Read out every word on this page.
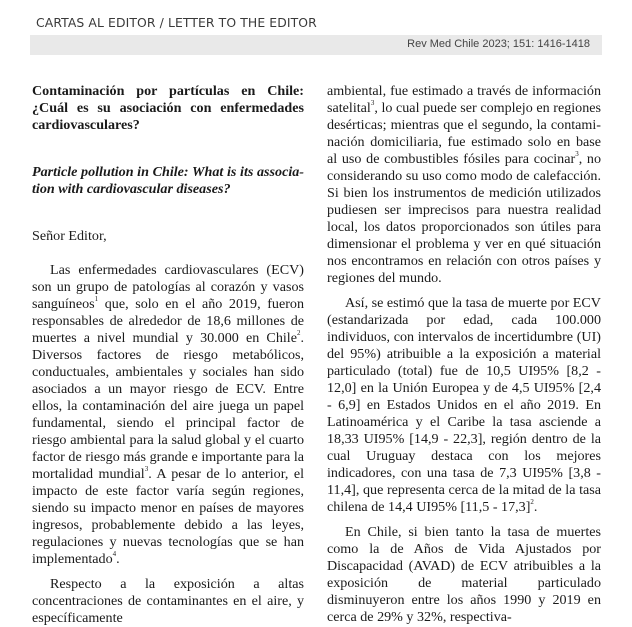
CARTAS AL EDITOR / LETTER TO THE EDITOR
Rev Med Chile 2023; 151: 1416-1418

Contaminación por partículas en Chile: ¿Cuál es su asociación con enfermedades cardiovasculares?

Particle pollution in Chile: What is its association with cardiovascular diseases?

Señor Editor,

Las enfermedades cardiovasculares (ECV) son un grupo de patologías al corazón y vasos sanguíneos$^1$ que, solo en el año 2019, fueron responsables de alrededor de 18,6 millones de muertes a nivel mundial y 30.000 en Chile$^2$. Diversos factores de riesgo metabólicos, conductuales, ambientales y sociales han sido asociados a un mayor riesgo de ECV. Entre ellos, la contaminación del aire juega un papel fundamental, siendo el principal factor de riesgo ambiental para la salud global y el cuarto factor de riesgo más grande e importante para la mortalidad mundial$^3$. A pesar de lo anterior, el impacto de este factor varía según regiones, siendo su impacto menor en países de mayores ingresos, probablemente debido a las leyes, regulaciones y nuevas tecnologías que se han implementado$^4$.

Respecto a la exposición a altas concentraciones de contaminantes en el aire, y específicamente

ambiental, fue estimado a través de información satelital$^3$, lo cual puede ser complejo en regiones desérticas; mientras que el segundo, la contaminación domiciliaria, fue estimado solo en base al uso de combustibles fósiles para cocinar$^3$, no considerando su uso como modo de calefacción. Si bien los instrumentos de medición utilizados pudiesen ser imprecisos para nuestra realidad local, los datos proporcionados son útiles para dimensionar el problema y ver en qué situación nos encontramos en relación con otros países y regiones del mundo.

Así, se estimó que la tasa de muerte por ECV (estandarizada por edad, cada 100.000 individuos, con intervalos de incertidumbre (UI) del 95%) atribuible a la exposición a material particulado (total) fue de 10,5 UI95% [8,2 - 12,0] en la Unión Europea y de 4,5 UI95% [2,4 - 6,9] en Estados Unidos en el año 2019. En Latinoamérica y el Caribe la tasa asciende a 18,33 UI95% [14,9 - 22,3], región dentro de la cual Uruguay destaca con los mejores indicadores, con una tasa de 7,3 UI95% [3,8 - 11,4], que representa cerca de la mitad de la tasa chilena de 14,4 UI95% [11,5 - 17,3]$^2$.

En Chile, si bien tanto la tasa de muertes como la de Años de Vida Ajustados por Discapacidad (AVAD) de ECV atribuibles a la exposición de material particulado disminuyeron entre los años 1990 y 2019 en cerca de 29% y 32%, respectiva-
